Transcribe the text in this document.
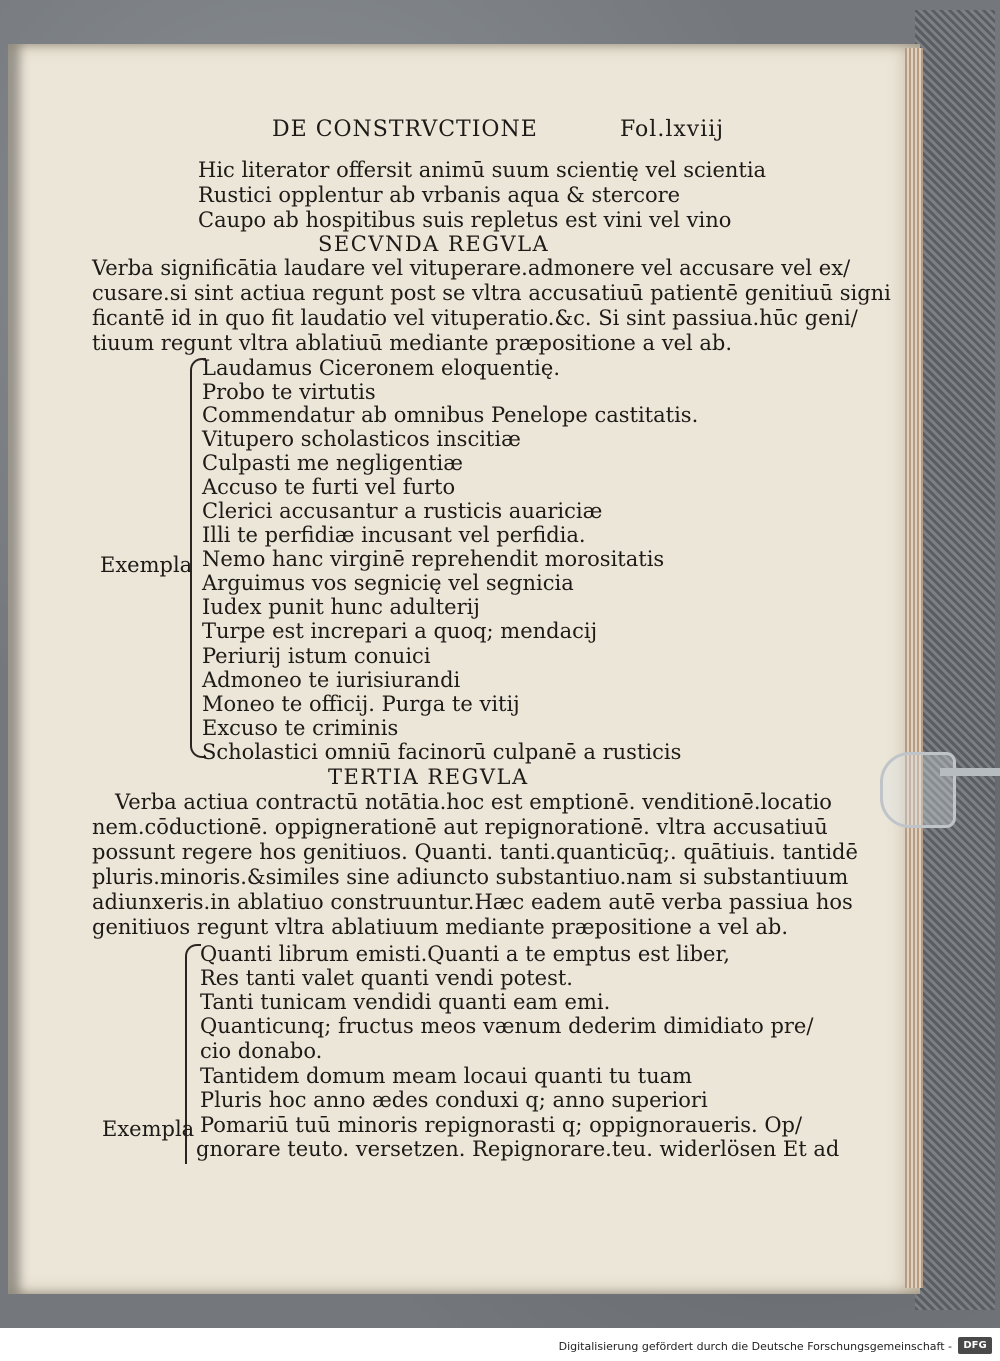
DE CONSTRVCTIONE	Fol.lxviij
Hic literator offersit animū suum scientię vel scientia
Rustici opplentur ab vrbanis aqua & stercore
Caupo ab hospitibus suis repletus est vini vel vino
SECVNDA REGVLA
Verba significātia laudare vel vituperare.admonere vel accusare vel ex/
cusare.si sint actiua regunt post se vltra accusatiuū patientē genitiuū signi
ficantē id in quo fit laudatio vel vituperatio.&c. Si sint passiua.hūc geni/
tiuum regunt vltra ablatiuū mediante præpositione a vel ab.
Exempla
Laudamus Ciceronem eloquentię.
Probo te virtutis
Commendatur ab omnibus Penelope castitatis.
Vitupero scholasticos inscitiæ
Culpasti me negligentiæ
Accuso te furti vel furto
Clerici accusantur a rusticis auariciæ
Illi te perfidiæ incusant vel perfidia.
Nemo hanc virginē reprehendit morositatis
Arguimus vos segnicię vel segnicia
Iudex punit hunc adulterij
Turpe est increpari a quoq; mendacij
Periurij istum conuici
Admoneo te iurisiurandi
Moneo te officij. Purga te vitij
Excuso te criminis
Scholastici omniū facinorū culpanē a rusticis
TERTIA REGVLA
Verba actiua contractū notātia.hoc est emptionē. venditionē.locatio
nem.cōductionē. oppignerationē aut repignorationē. vltra accusatiuū
possunt regere hos genitiuos. Quanti. tanti.quanticūq;. quātiuis. tantidē
pluris.minoris.&similes sine adiuncto substantiuo.nam si substantiuum
adiunxeris.in ablatiuo construuntur.Hæc eadem autē verba passiua hos
genitiuos regunt vltra ablatiuum mediante præpositione a vel ab.
Exempla
Quanti librum emisti.Quanti a te emptus est liber,
Res tanti valet quanti vendi potest.
Tanti tunicam vendidi quanti eam emi.
Quanticunq; fructus meos vænum dederim dimidiato pre/
cio donabo.
Tantidem domum meam locaui quanti tu tuam
Pluris hoc anno ædes conduxi q; anno superiori
Pomariū tuū minoris repignorasti q; oppignoraueris. Op/
gnorare teuto. versetzen. Repignorare.teu. widerlösen Et ad
Digitalisierung gefördert durch die Deutsche Forschungsgemeinschaft -	DFG
